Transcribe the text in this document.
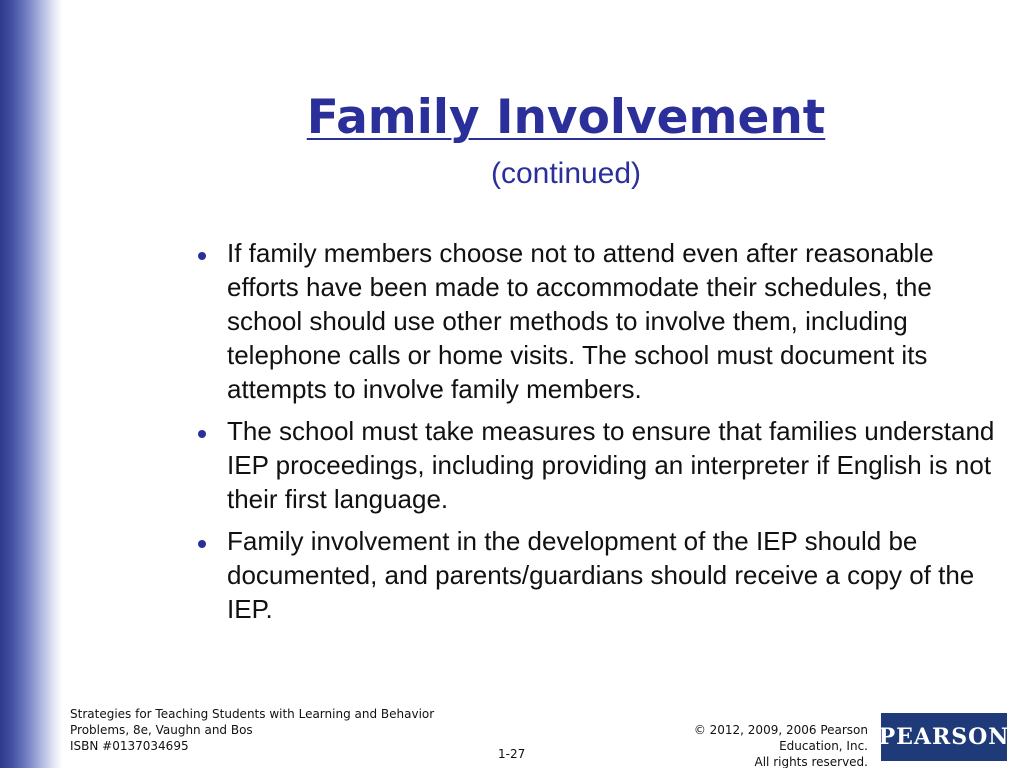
Family Involvement
(continued)
If family members choose not to attend even after reasonable efforts have been made to accommodate their schedules, the school should use other methods to involve them, including telephone calls or home visits. The school must document its attempts to involve family members.
The school must take measures to ensure that families understand IEP proceedings, including providing an interpreter if English is not their first language.
Family involvement in the development of the IEP should be documented, and parents/guardians should receive a copy of the IEP.
Strategies for Teaching Students with Learning and Behavior
Problems, 8e, Vaughn and Bos
ISBN #0137034695
1-27
© 2012, 2009, 2006 Pearson
Education, Inc.
All rights reserved.
PEARSON
